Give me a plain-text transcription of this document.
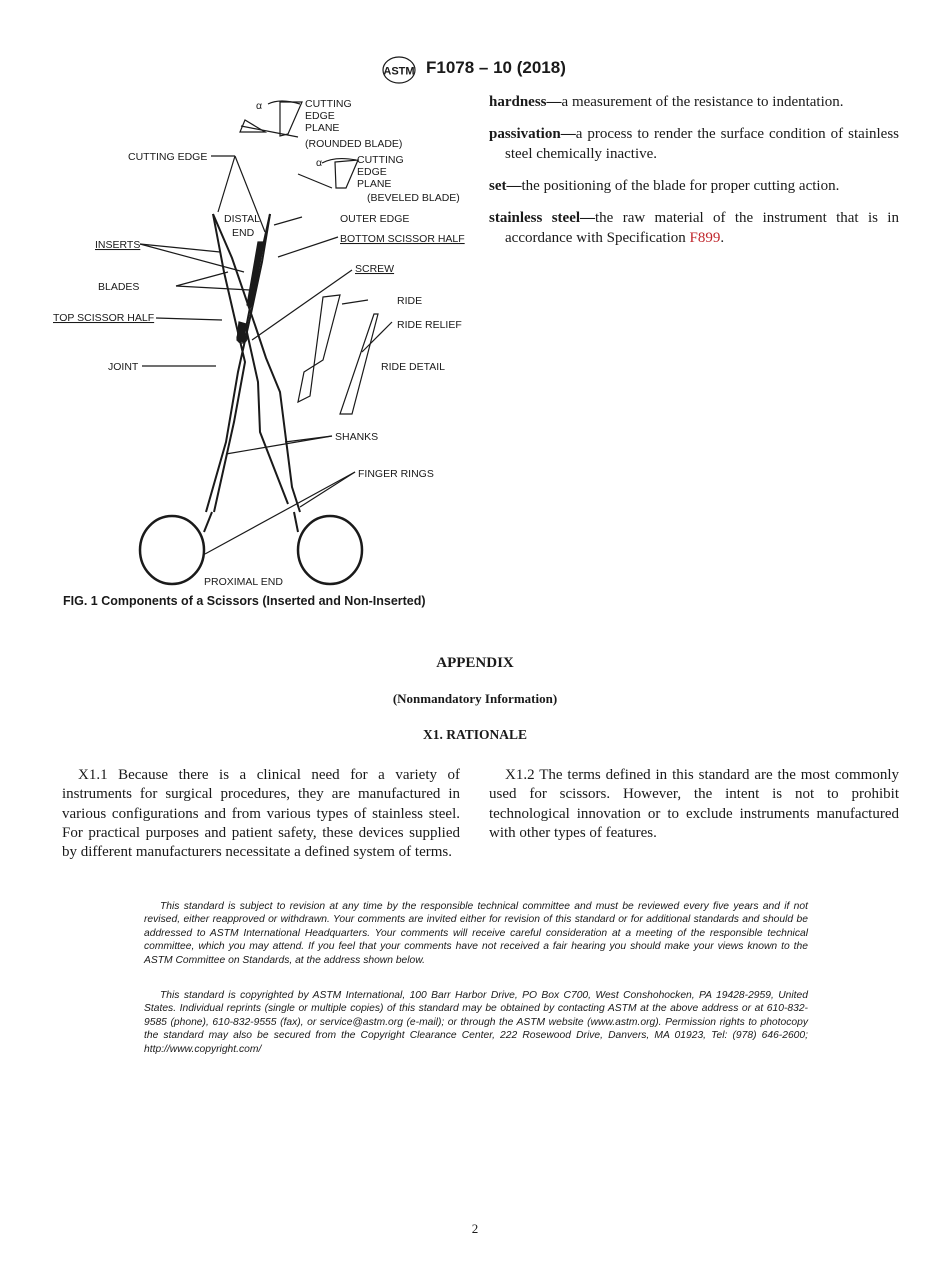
ASTM F1078 – 10 (2018)
α	CUTTING
EDGE
PLANE
(ROUNDED BLADE)
α	CUTTING
EDGE
PLANE
(BEVELED BLADE)
CUTTING EDGE
DISTAL
END
OUTER EDGE
BOTTOM SCISSOR HALF
INSERTS
SCREW
BLADES
RIDE
TOP SCISSOR HALF
RIDE RELIEF
JOINT	RIDE DETAIL
SHANKS
FINGER RINGS
PROXIMAL END
FIG. 1 Components of a Scissors (Inserted and Non-Inserted)

hardness—a measurement of the resistance to indentation.

passivation—a process to render the surface condition of stainless steel chemically inactive.

set—the positioning of the blade for proper cutting action.

stainless steel—the raw material of the instrument that is in accordance with Specification F899.

APPENDIX
(Nonmandatory Information)
X1. RATIONALE
X1.1 Because there is a clinical need for a variety of instruments for surgical procedures, they are manufactured in various configurations and from various types of stainless steel. For practical purposes and patient safety, these devices supplied by different manufacturers necessitate a defined system of terms.
X1.2 The terms defined in this standard are the most commonly used for scissors. However, the intent is not to prohibit technological innovation or to exclude instruments manufactured with other types of features.
This standard is subject to revision at any time by the responsible technical committee and must be reviewed every five years and if not revised, either reapproved or withdrawn. Your comments are invited either for revision of this standard or for additional standards and should be addressed to ASTM International Headquarters. Your comments will receive careful consideration at a meeting of the responsible technical committee, which you may attend. If you feel that your comments have not received a fair hearing you should make your views known to the ASTM Committee on Standards, at the address shown below.
This standard is copyrighted by ASTM International, 100 Barr Harbor Drive, PO Box C700, West Conshohocken, PA 19428-2959, United States. Individual reprints (single or multiple copies) of this standard may be obtained by contacting ASTM at the above address or at 610-832-9585 (phone), 610-832-9555 (fax), or service@astm.org (e-mail); or through the ASTM website (www.astm.org). Permission rights to photocopy the standard may also be secured from the Copyright Clearance Center, 222 Rosewood Drive, Danvers, MA 01923, Tel: (978) 646-2600; http://www.copyright.com/
2
